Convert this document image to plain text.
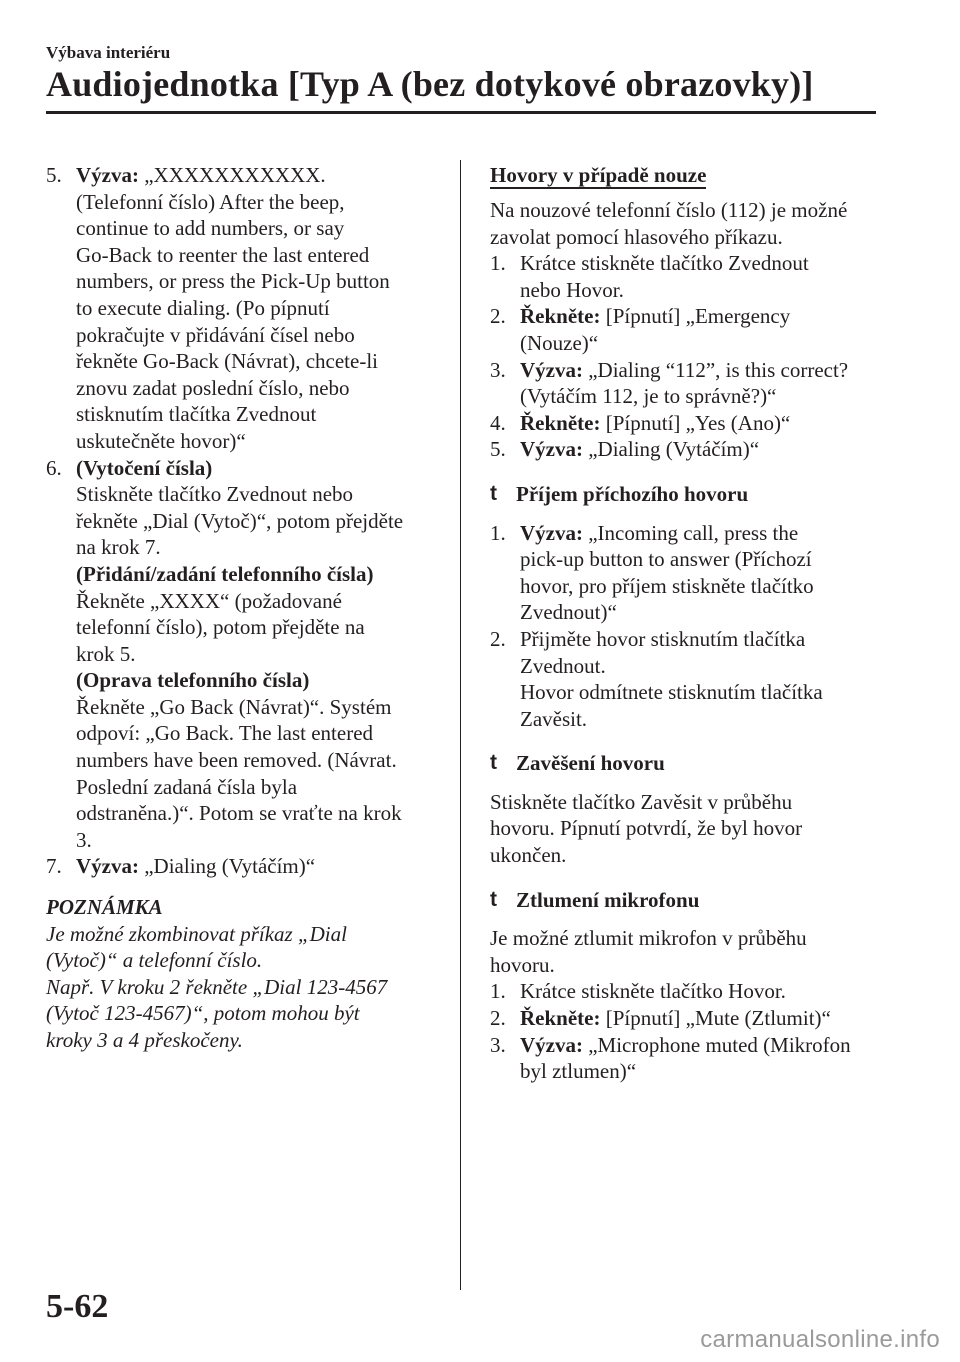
Výbava interiéru
Audiojednotka [Typ A (bez dotykové obrazovky)]
5. Výzva: „XXXXXXXXXXX.
(Telefonní číslo) After the beep,
continue to add numbers, or say
Go-Back to reenter the last entered
numbers, or press the Pick-Up button
to execute dialing. (Po pípnutí
pokračujte v přidávání čísel nebo
řekněte Go-Back (Návrat), chcete-li
znovu zadat poslední číslo, nebo
stisknutím tlačítka Zvednout
uskutečněte hovor)“
6. (Vytočení čísla)
Stiskněte tlačítko Zvednout nebo
řekněte „Dial (Vytoč)“, potom přejděte
na krok 7.
(Přidání/zadání telefonního čísla)
Řekněte „XXXX“ (požadované
telefonní číslo), potom přejděte na
krok 5.
(Oprava telefonního čísla)
Řekněte „Go Back (Návrat)“. Systém
odpoví: „Go Back. The last entered
numbers have been removed. (Návrat.
Poslední zadaná čísla byla
odstraněna.)“. Potom se vraťte na krok
3.
7. Výzva: „Dialing (Vytáčím)“
POZNÁMKA
Je možné zkombinovat příkaz „Dial
(Vytoč)“ a telefonní číslo.
Např. V kroku 2 řekněte „Dial 123-4567
(Vytoč 123-4567)“, potom mohou být
kroky 3 a 4 přeskočeny.
Hovory v případě nouze
Na nouzové telefonní číslo (112) je možné
zavolat pomocí hlasového příkazu.
1. Krátce stiskněte tlačítko Zvednout
nebo Hovor.
2. Řekněte: [Pípnutí] „Emergency
(Nouze)“
3. Výzva: „Dialing “112”, is this correct?
(Vytáčím 112, je to správně?)“
4. Řekněte: [Pípnutí] „Yes (Ano)“
5. Výzva: „Dialing (Vytáčím)“
t Příjem příchozího hovoru
1. Výzva: „Incoming call, press the
pick-up button to answer (Příchozí
hovor, pro příjem stiskněte tlačítko
Zvednout)“
2. Přijměte hovor stisknutím tlačítka
Zvednout.
Hovor odmítnete stisknutím tlačítka
Zavěsit.
t Zavěšení hovoru
Stiskněte tlačítko Zavěsit v průběhu
hovoru. Pípnutí potvrdí, že byl hovor
ukončen.
t Ztlumení mikrofonu
Je možné ztlumit mikrofon v průběhu
hovoru.
1. Krátce stiskněte tlačítko Hovor.
2. Řekněte: [Pípnutí] „Mute (Ztlumit)“
3. Výzva: „Microphone muted (Mikrofon
byl ztlumen)“
5-62
carmanualsonline.info
